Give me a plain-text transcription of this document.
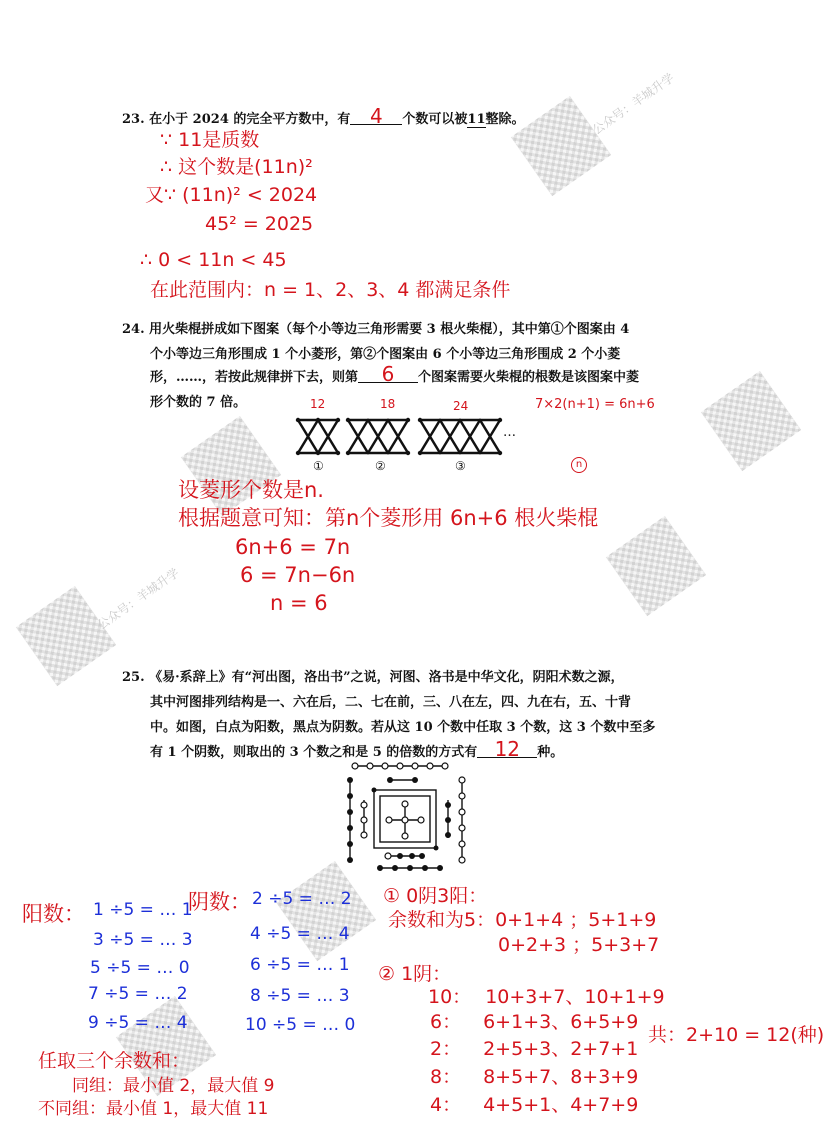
公众号：羊城升学
公众号：羊城升学
23. 在小于 2024 的完全平方数中，有 4 个数可以被11整除。
∵ 11是质数
∴ 这个数是(11n)²
又∵ (11n)² < 2024
45² = 2025
∴ 0 < 11n < 45
在此范围内：n = 1、2、3、4 都满足条件
24. 用火柴棍拼成如下图案（每个小等边三角形需要 3 根火柴棍），其中第①个图案由 4
个小等边三角形围成 1 个小菱形，第②个图案由 6 个小等边三角形围成 2 个小菱
形，……，若按此规律拼下去，则第 6 个图案需要火柴棍的根数是该图案中菱
形个数的 7 倍。
…
12	18	24	7×2(n+1) = 6n+6
①	②	③	n
设菱形个数是n.
根据题意可知：第n个菱形用 6n+6 根火柴棍
6n+6 = 7n
6 = 7n−6n
n = 6
25. 《易·系辞上》有“河出图，洛出书”之说，河图、洛书是中华文化，阴阳术数之源，
其中河图排列结构是一、六在后，二、七在前，三、八在左，四、九在右，五、十背
中。如图，白点为阳数，黑点为阴数。若从这 10 个数中任取 3 个数，这 3 个数中至多
有 1 个阴数，则取出的 3 个数之和是 5 的倍数的方式有 12 种。
阳数： 1 ÷5 = … 1
3 ÷5 = … 3
5 ÷5 = … 0
7 ÷5 = … 2
9 ÷5 = … 4
阴数： 2 ÷5 = … 2
4 ÷5 = … 4
6 ÷5 = … 1
8 ÷5 = … 3
10 ÷5 = … 0
① 0阴3阳：
余数和为5：0+1+4 ；5+1+9
0+2+3 ；5+3+7
② 1阴：
10： 10+3+7、10+1+9
6： 6+1+3、6+5+9
2： 2+5+3、2+7+1
8： 8+5+7、8+3+9
4： 4+5+1、4+7+9
共：2+10 = 12(种)
任取三个余数和：
同组：最小值 2，最大值 9
不同组：最小值 1，最大值 11
